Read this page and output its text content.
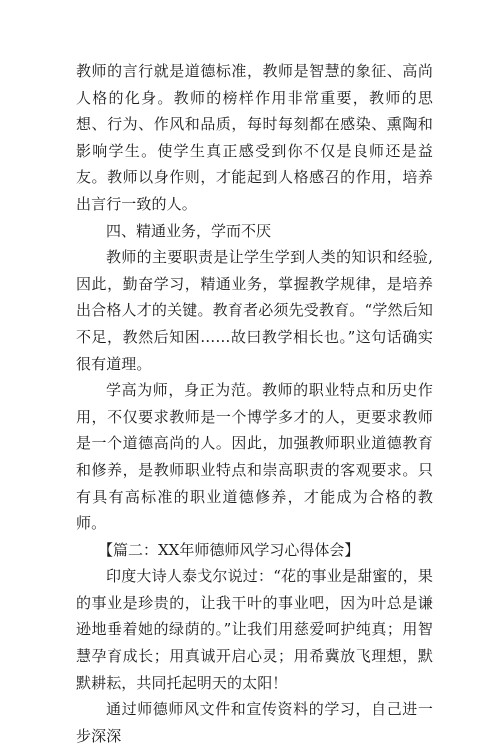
教师的言行就是道德标准，教师是智慧的象征、高尚人格的化身。教师的榜样作用非常重要，教师的思想、行为、作风和品质，每时每刻都在感染、熏陶和影响学生。使学生真正感受到你不仅是良师还是益友。教师以身作则，才能起到人格感召的作用，培养出言行一致的人。

四、精通业务，学而不厌

教师的主要职责是让学生学到人类的知识和经验,因此，勤奋学习，精通业务，掌握教学规律，是培养出合格人才的关键。教育者必须先受教育。“学然后知不足，教然后知困……故曰教学相长也。”这句话确实很有道理。

学高为师，身正为范。教师的职业特点和历史作用，不仅要求教师是一个博学多才的人，更要求教师是一个道德高尚的人。因此，加强教师职业道德教育和修养，是教师职业特点和崇高职责的客观要求。只有具有高标准的职业道德修养，才能成为合格的教师。

【篇二：XX年师德师风学习心得体会】

印度大诗人泰戈尔说过：“花的事业是甜蜜的，果的事业是珍贵的，让我干叶的事业吧，因为叶总是谦逊地垂着她的绿荫的。”让我们用慈爱呵护纯真；用智慧孕育成长；用真诚开启心灵；用希冀放飞理想，默默耕耘，共同托起明天的太阳！

通过师德师风文件和宣传资料的学习，自己进一步深深
